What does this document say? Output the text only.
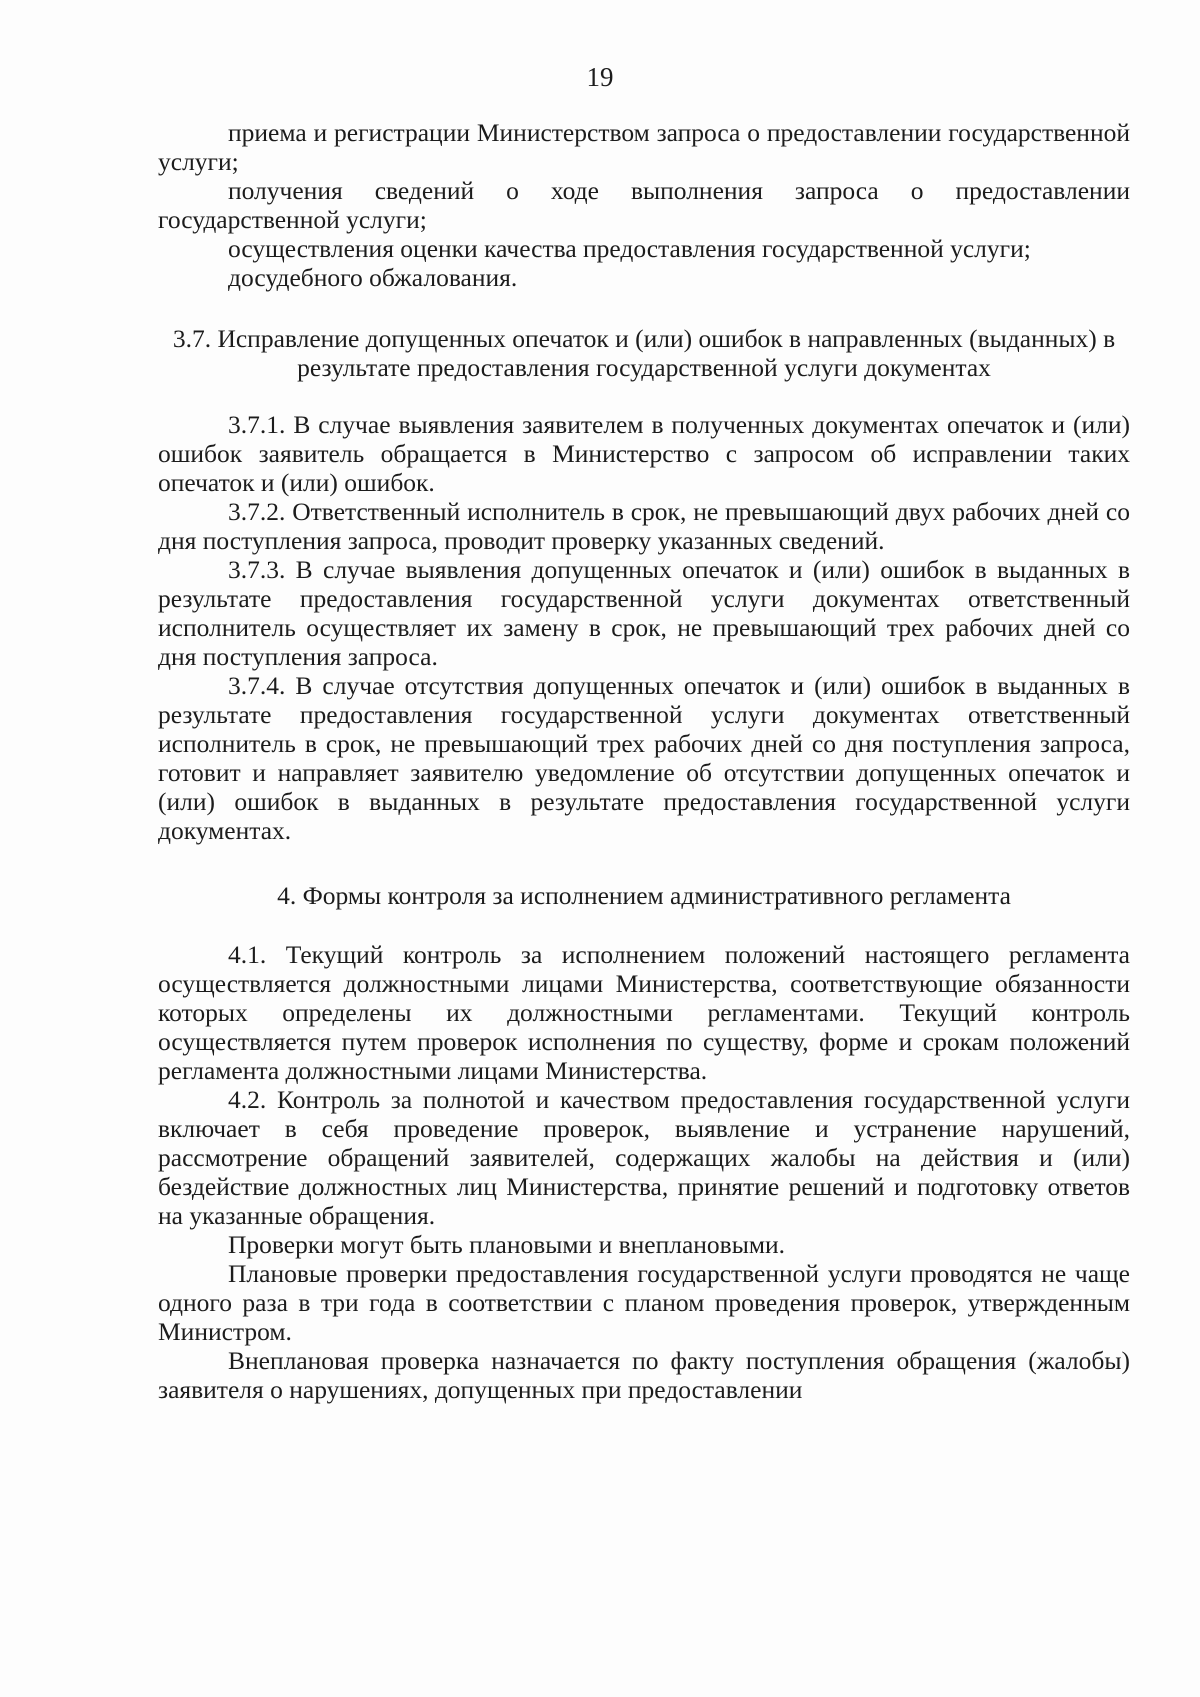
19

приема и регистрации Министерством запроса о предоставлении государственной услуги;

получения сведений о ходе выполнения запроса о предоставлении государственной услуги;

осуществления оценки качества предоставления государственной услуги;

досудебного обжалования.

3.7. Исправление допущенных опечаток и (или) ошибок в направленных (выданных) в результате предоставления государственной услуги документах

3.7.1. В случае выявления заявителем в полученных документах опечаток и (или) ошибок заявитель обращается в Министерство с запросом об исправлении таких опечаток и (или) ошибок.

3.7.2. Ответственный исполнитель в срок, не превышающий двух рабочих дней со дня поступления запроса, проводит проверку указанных сведений.

3.7.3. В случае выявления допущенных опечаток и (или) ошибок в выданных в результате предоставления государственной услуги документах ответственный исполнитель осуществляет их замену в срок, не превышающий трех рабочих дней со дня поступления запроса.

3.7.4. В случае отсутствия допущенных опечаток и (или) ошибок в выданных в результате предоставления государственной услуги документах ответственный исполнитель в срок, не превышающий трех рабочих дней со дня поступления запроса, готовит и направляет заявителю уведомление об отсутствии допущенных опечаток и (или) ошибок в выданных в результате предоставления государственной услуги документах.

4. Формы контроля за исполнением административного регламента

4.1. Текущий контроль за исполнением положений настоящего регламента осуществляется должностными лицами Министерства, соответствующие обязанности которых определены их должностными регламентами. Текущий контроль осуществляется путем проверок исполнения по существу, форме и срокам положений регламента должностными лицами Министерства.

4.2. Контроль за полнотой и качеством предоставления государственной услуги включает в себя проведение проверок, выявление и устранение нарушений, рассмотрение обращений заявителей, содержащих жалобы на действия и (или) бездействие должностных лиц Министерства, принятие решений и подготовку ответов на указанные обращения.

Проверки могут быть плановыми и внеплановыми.

Плановые проверки предоставления государственной услуги проводятся не чаще одного раза в три года в соответствии с планом проведения проверок, утвержденным Министром.

Внеплановая проверка назначается по факту поступления обращения (жалобы) заявителя о нарушениях, допущенных при предоставлении
